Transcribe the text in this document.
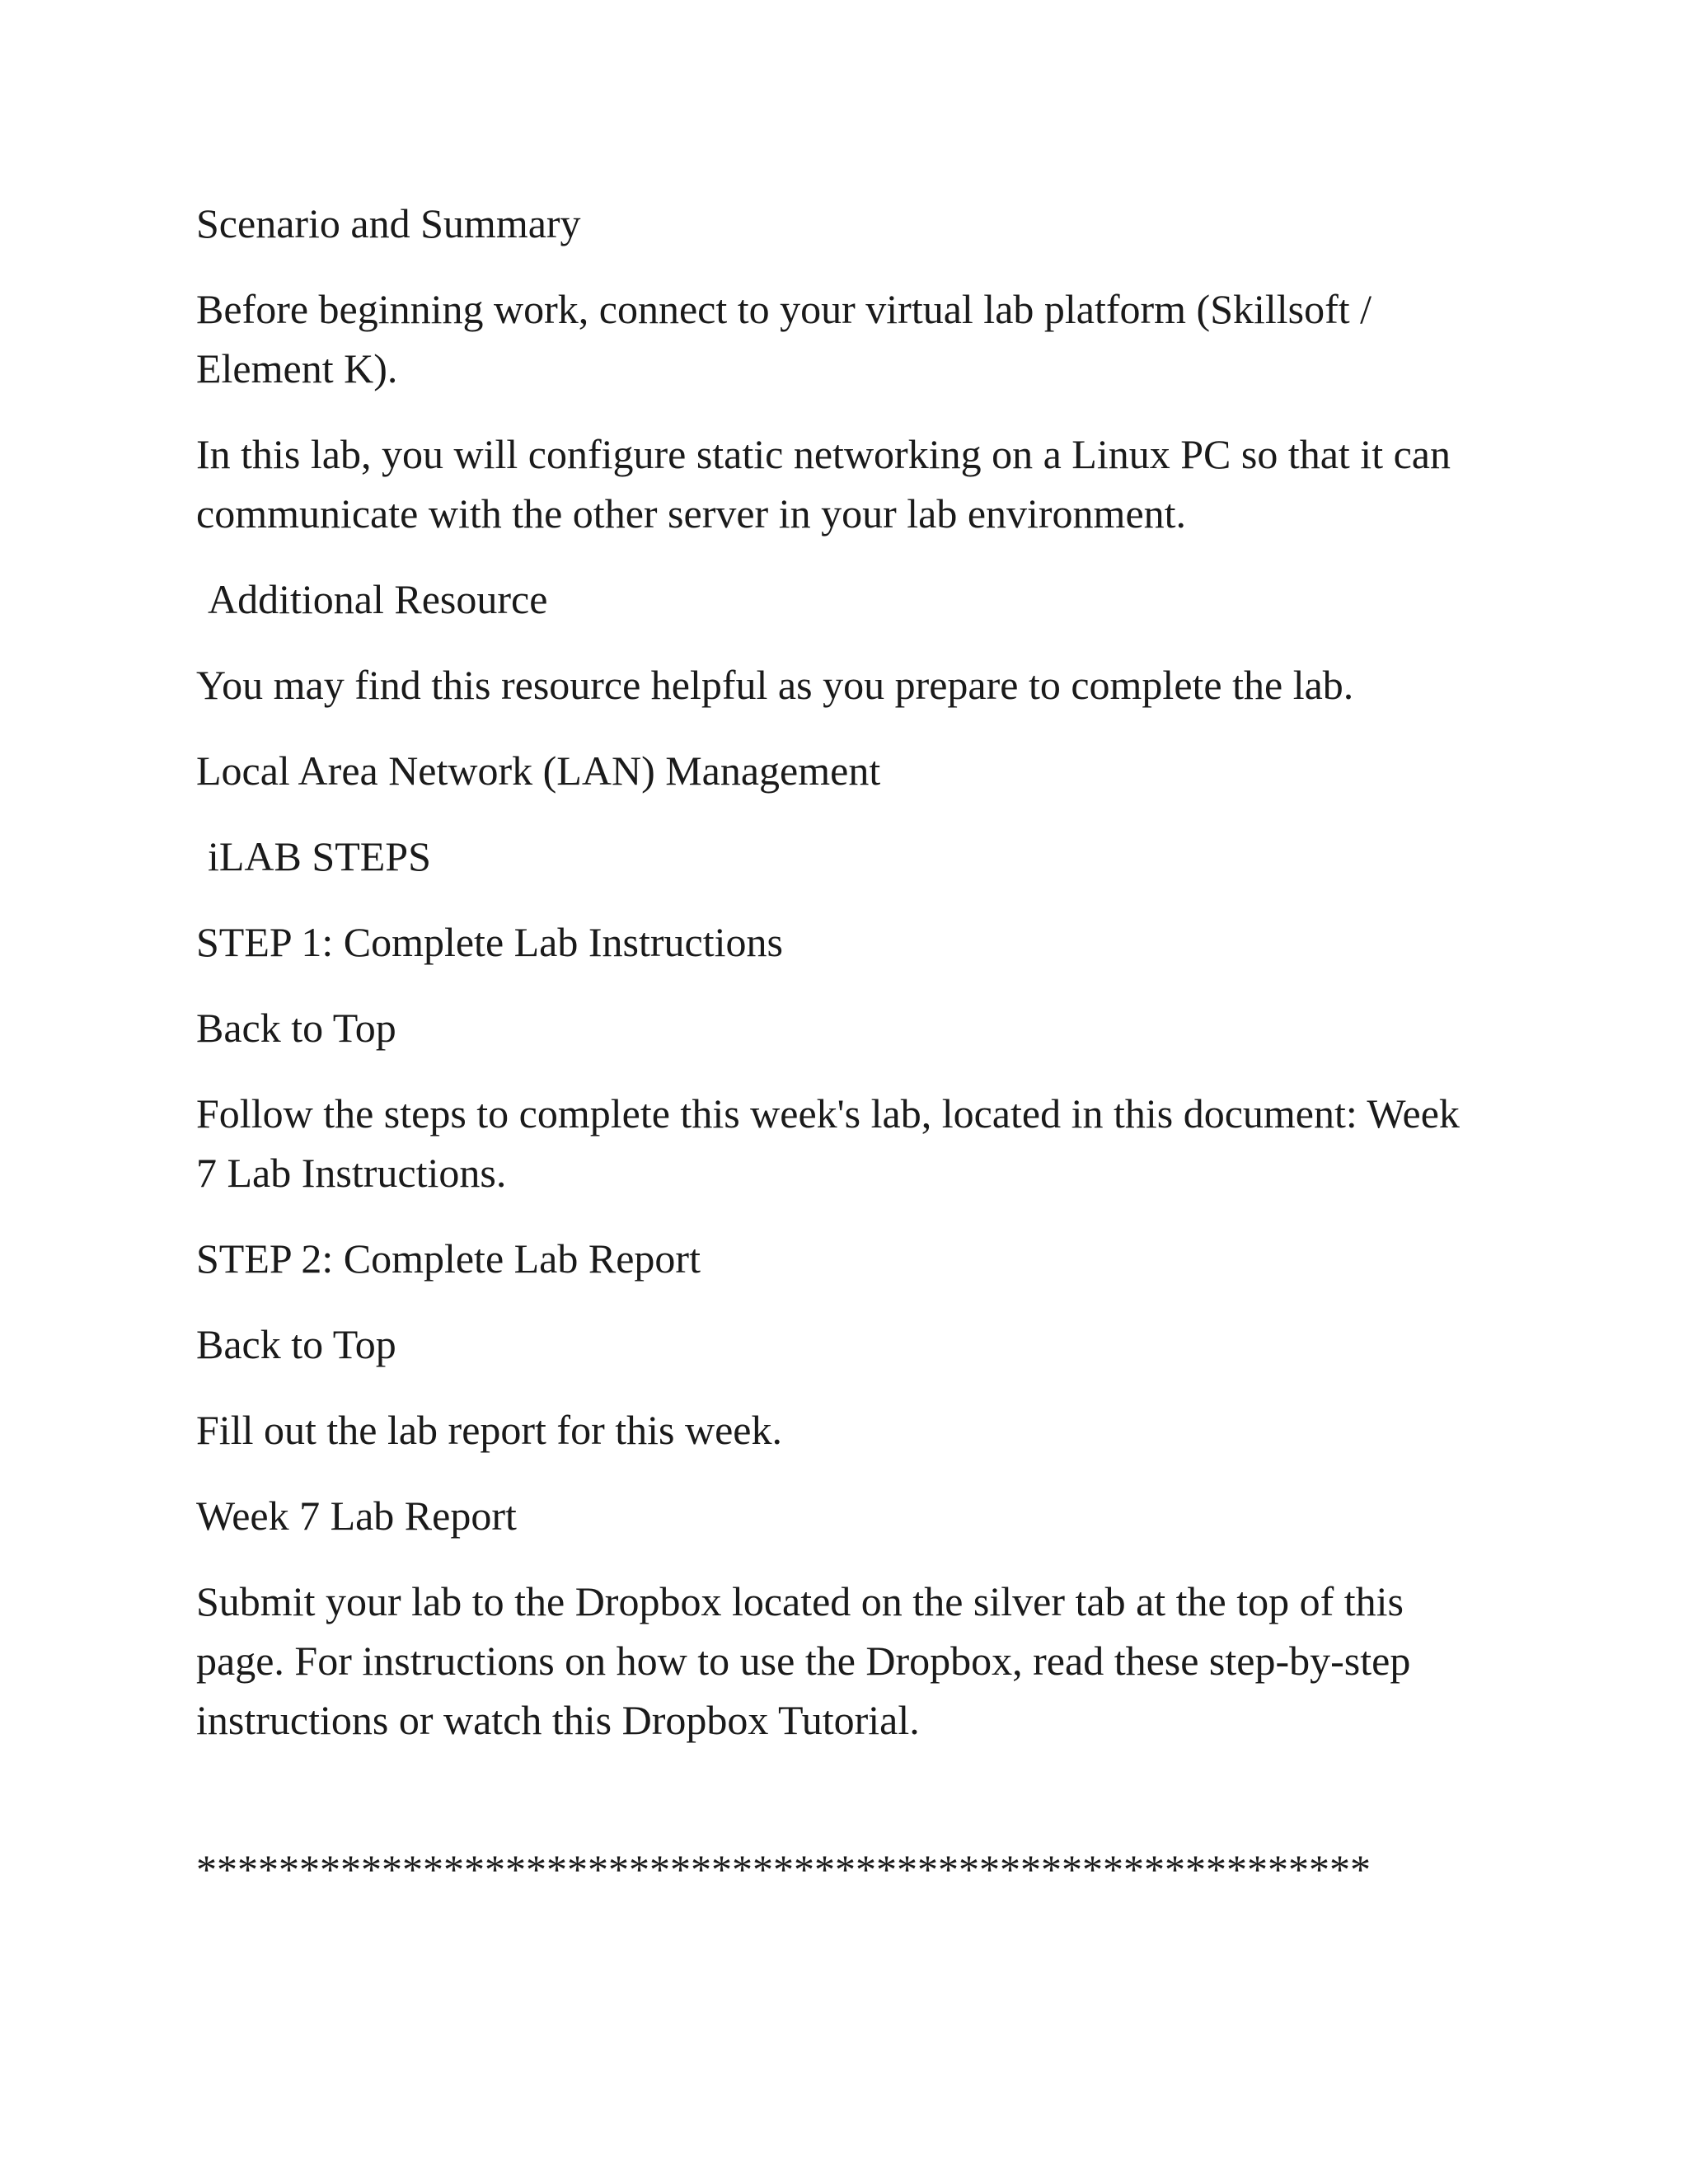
Scenario and Summary

Before beginning work, connect to your virtual lab platform (Skillsoft / Element K).

In this lab, you will configure static networking on a Linux PC so that it can communicate with the other server in your lab environment.

Additional Resource

You may find this resource helpful as you prepare to complete the lab.

Local Area Network (LAN) Management

iLAB STEPS

STEP 1: Complete Lab Instructions

Back to Top

Follow the steps to complete this week's lab, located in this document: Week 7 Lab Instructions.

STEP 2: Complete Lab Report

Back to Top

Fill out the lab report for this week.

Week 7 Lab Report

Submit your lab to the Dropbox located on the silver tab at the top of this page. For instructions on how to use the Dropbox, read these step-by-step instructions or watch this Dropbox Tutorial.

*********************************************************
